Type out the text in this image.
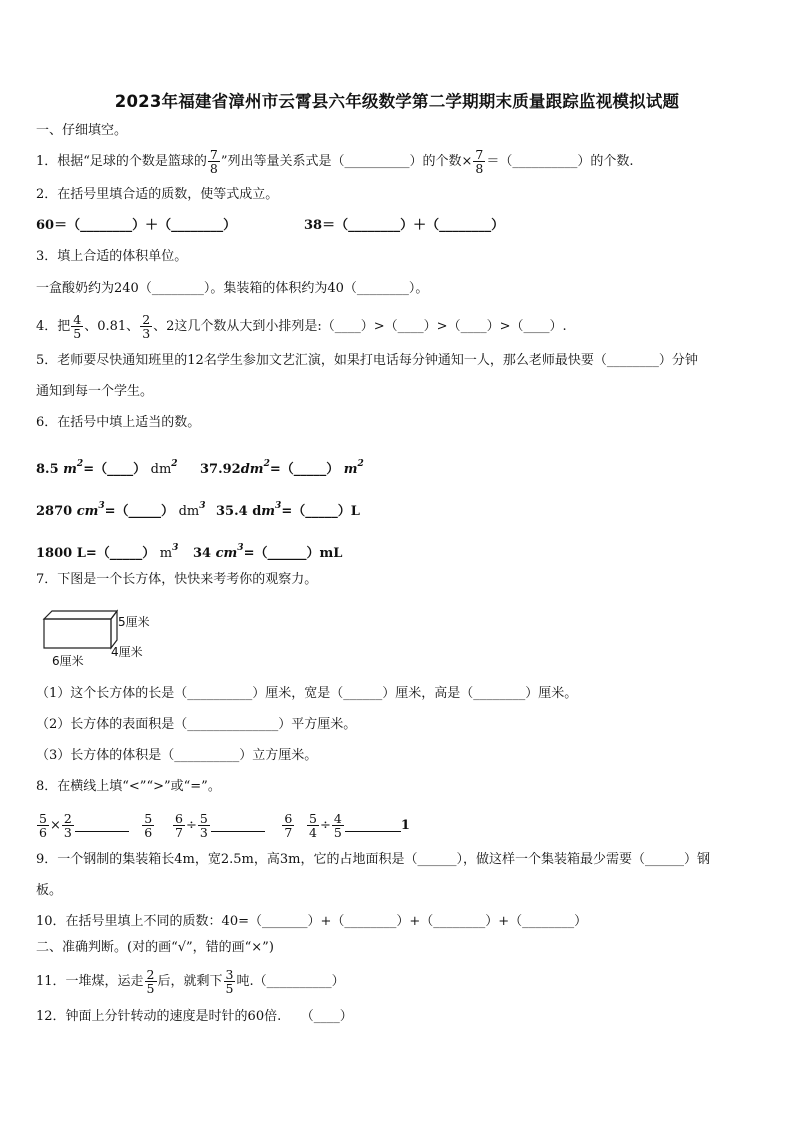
2023年福建省漳州市云霄县六年级数学第二学期期末质量跟踪监视模拟试题
一、仔细填空。
1．根据“足球的个数是篮球的 $\frac{7}{8}$ ”列出等量关系式是（__________）的个数× $\frac{7}{8}$ ＝（__________）的个数.
2．在括号里填合适的质数，使等式成立。
60＝（________）＋（________）	38＝（________）＋（________）
3．填上合适的体积单位。
一盒酸奶约为240（________）。集装箱的体积约为40（________）。
4．把 $\frac{4}{5}$ 、0.81、 $\frac{2}{3}$ 、2这几个数从大到小排列是:（____）>（____）>（____）>（____）.
5．老师要尽快通知班里的12名学生参加文艺汇演，如果打电话每分钟通知一人，那么老师最快要（________）分钟
通知到每一个学生。
6．在括号中填上适当的数。
8.5 $m^2=(\_\_\_\_)$ $dm^2$ $37.92dm^2=(\_\_\_\_\_)$ $m^2$
2870 $cm^3=(\_\_\_\_\_)$ $dm^3$ 35.4 $dm^3=(\_\_\_\_\_)L$
1800 L=（_____） $m^3$ 34 $cm^3=(\_\_\_\_\_\_)mL$
7．下图是一个长方体，快快来考考你的观察力。
5厘米
4厘米
6厘米
（1）这个长方体的长是（__________）厘米，宽是（______）厘米，高是（________）厘米。
（2）长方体的表面积是（______________）平方厘米。
（3）长方体的体积是（__________）立方厘米。
8．在横线上填“<”“>”或“=”。
$\frac{5}{6} \times \frac{2}{3}$
	$\frac{5}{6} \frac{6}{7} \div \frac{5}{3}$
	$\frac{6}{7} \frac{5}{4} \div \frac{4}{5}$	1
9．一个钢制的集装箱长4m，宽2.5m，高3m，它的占地面积是（______），做这样一个集装箱最少需要（______）钢
板。
10．在括号里填上不同的质数：40=（_______）+（________）+（________）+（________）
二、准确判断。(对的画“√”，错的画“×”)
11．一堆煤，运走 $\frac{2}{5}$ 后，就剩下 $\frac{3}{5}$ 吨.（__________）
12．钟面上分针转动的速度是时针的60倍.　　（____）
